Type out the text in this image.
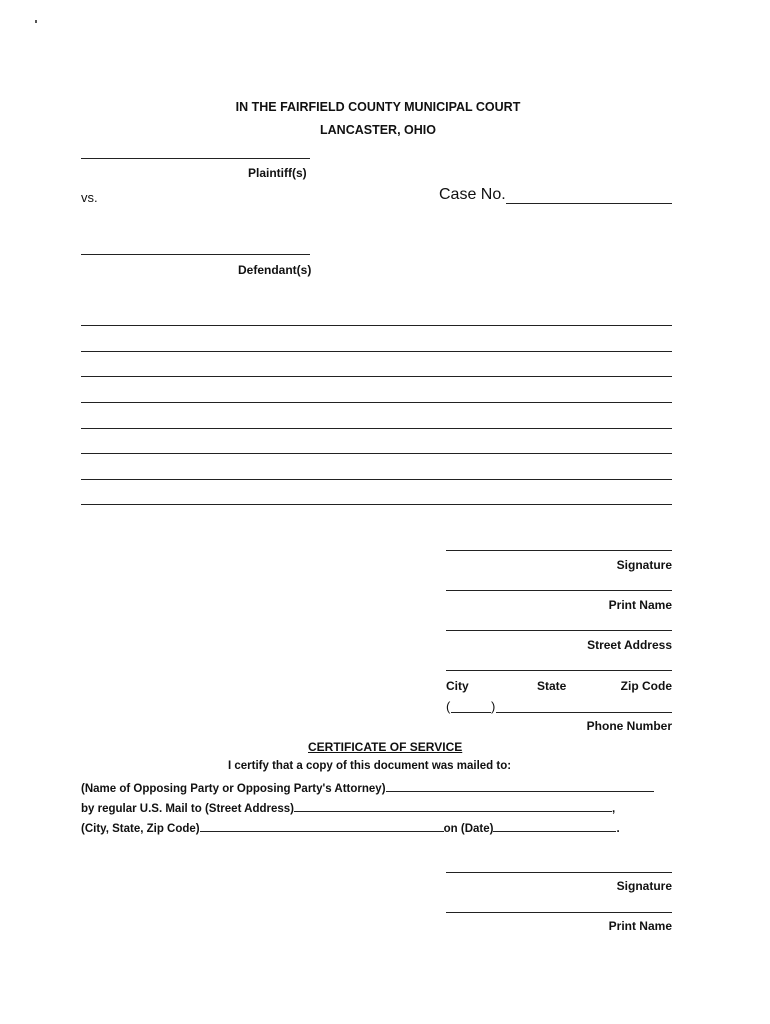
IN THE FAIRFIELD COUNTY MUNICIPAL COURT
LANCASTER, OHIO
Plaintiff(s)
vs.	Case No.
Defendant(s)
Signature
Print Name
Street Address
City	State	Zip Code
(	)
Phone Number
CERTIFICATE OF SERVICE
I certify that a copy of this document was mailed to:
(Name of Opposing Party or Opposing Party's Attorney)
by regular U.S. Mail to (Street Address)	,
(City, State, Zip Code)	on (Date)	.
Signature
Print Name
